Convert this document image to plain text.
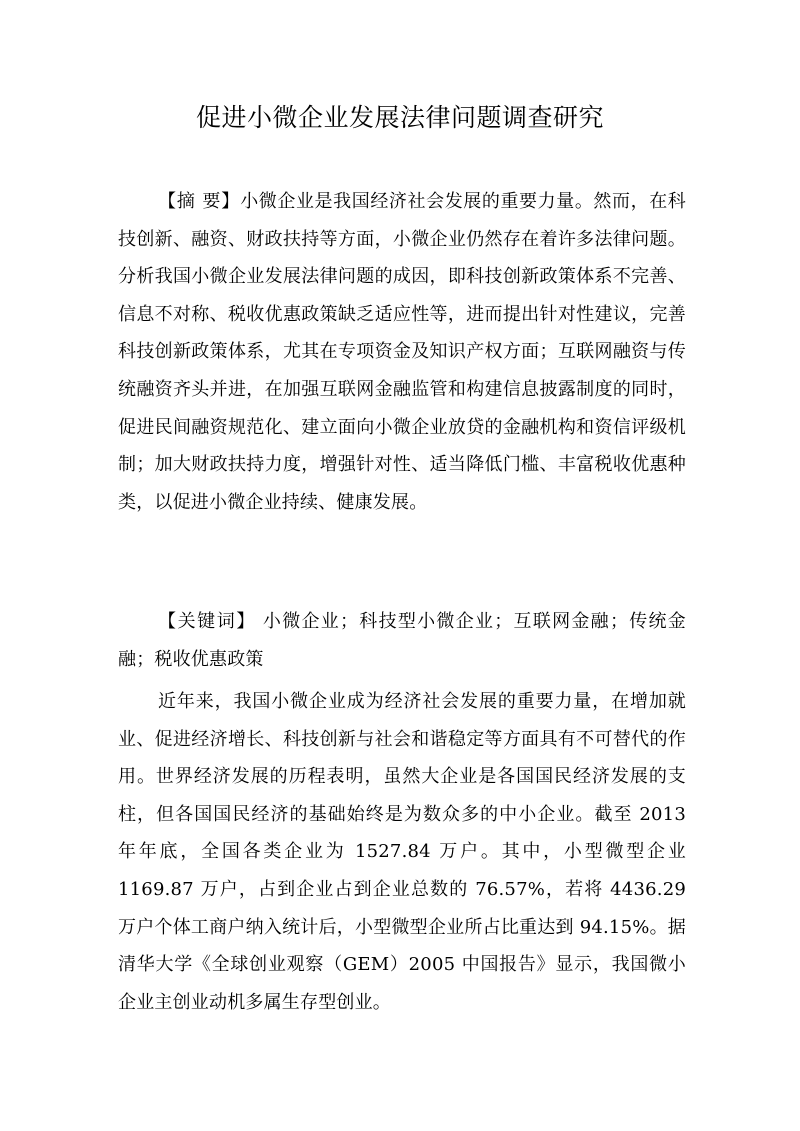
促进小微企业发展法律问题调查研究

【摘 要】小微企业是我国经济社会发展的重要力量。然而，在科技创新、融资、财政扶持等方面，小微企业仍然存在着许多法律问题。分析我国小微企业发展法律问题的成因，即科技创新政策体系不完善、信息不对称、税收优惠政策缺乏适应性等，进而提出针对性建议，完善科技创新政策体系，尤其在专项资金及知识产权方面；互联网融资与传统融资齐头并进，在加强互联网金融监管和构建信息披露制度的同时，促进民间融资规范化、建立面向小微企业放贷的金融机构和资信评级机制；加大财政扶持力度，增强针对性、适当降低门槛、丰富税收优惠种类，以促进小微企业持续、健康发展。

【关键词】 小微企业；科技型小微企业；互联网金融；传统金融；税收优惠政策

近年来，我国小微企业成为经济社会发展的重要力量，在增加就业、促进经济增长、科技创新与社会和谐稳定等方面具有不可替代的作用。世界经济发展的历程表明，虽然大企业是各国国民经济发展的支柱，但各国国民经济的基础始终是为数众多的中小企业。截至 2013 年年底，全国各类企业为 1527.84 万户。其中，小型微型企业 1169.87 万户，占到企业占到企业总数的 76.57%，若将 4436.29 万户个体工商户纳入统计后，小型微型企业所占比重达到 94.15%。据清华大学《全球创业观察（GEM）2005 中国报告》显示，我国微小企业主创业动机多属生存型创业。
